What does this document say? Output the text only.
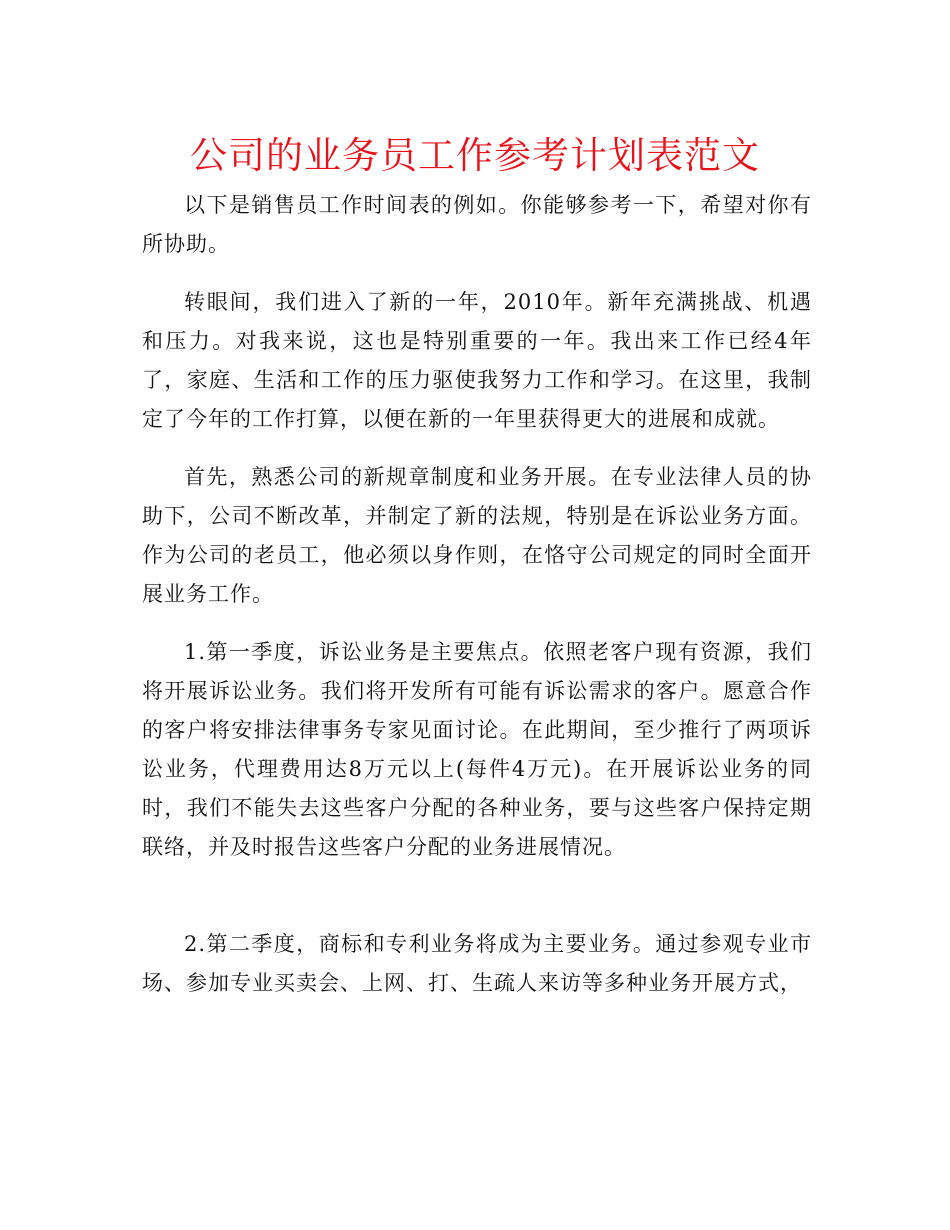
公司的业务员工作参考计划表范文

以下是销售员工作时间表的例如。你能够参考一下，希望对你有所协助。

转眼间，我们进入了新的一年，2010年。新年充满挑战、机遇和压力。对我来说，这也是特别重要的一年。我出来工作已经4年了，家庭、生活和工作的压力驱使我努力工作和学习。在这里，我制定了今年的工作打算，以便在新的一年里获得更大的进展和成就。

首先，熟悉公司的新规章制度和业务开展。在专业法律人员的协助下，公司不断改革，并制定了新的法规，特别是在诉讼业务方面。作为公司的老员工，他必须以身作则，在恪守公司规定的同时全面开展业务工作。

1.第一季度，诉讼业务是主要焦点。依照老客户现有资源，我们将开展诉讼业务。我们将开发所有可能有诉讼需求的客户。愿意合作的客户将安排法律事务专家见面讨论。在此期间，至少推行了两项诉讼业务，代理费用达8万元以上(每件4万元)。在开展诉讼业务的同时，我们不能失去这些客户分配的各种业务，要与这些客户保持定期联络，并及时报告这些客户分配的业务进展情况。

2.第二季度，商标和专利业务将成为主要业务。通过参观专业市场、参加专业买卖会、上网、打、生疏人来访等多种业务开展方式，
